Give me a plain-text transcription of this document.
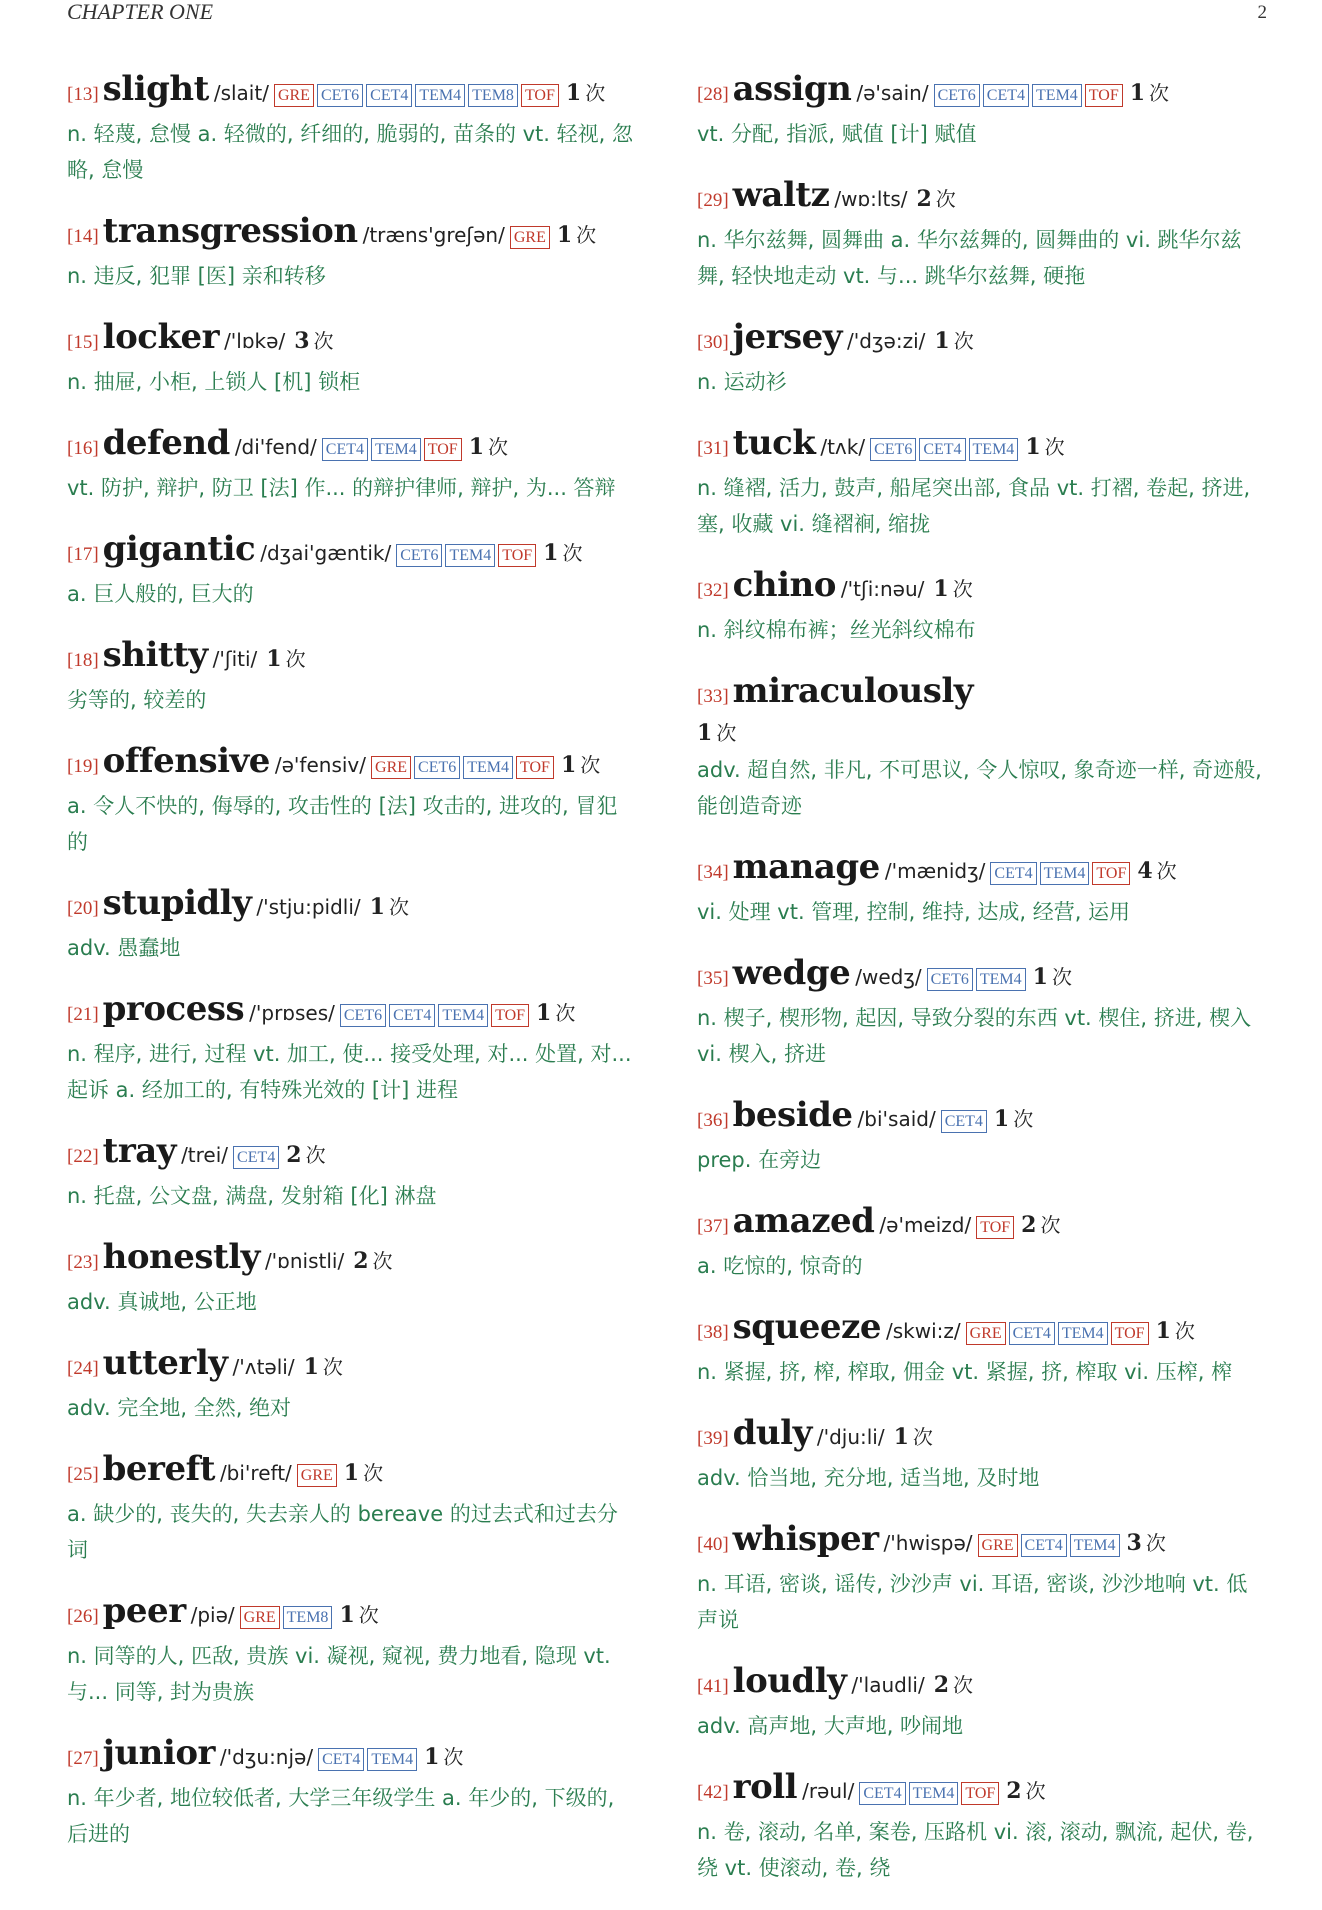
CHAPTER ONE	2
[13] slight /slait/ GRE CET6 CET4 TEM4 TEM8 TOF 1 次
n. 轻蔑, 怠慢 a. 轻微的, 纤细的, 脆弱的, 苗条的 vt. 轻视, 忽略, 怠慢
[14] transgression /træns'greʃən/ GRE 1 次
n. 违反, 犯罪 [医] 亲和转移
[15] locker /'lɒkə/ 3 次
n. 抽屉, 小柜, 上锁人 [机] 锁柜
[16] defend /di'fend/ CET4 TEM4 TOF 1 次
vt. 防护, 辩护, 防卫 [法] 作... 的辩护律师, 辩护, 为... 答辩
[17] gigantic /dʒai'gæntik/ CET6 TEM4 TOF 1 次
a. 巨人般的, 巨大的
[18] shitty /'ʃiti/ 1 次
劣等的, 较差的
[19] offensive /ə'fensiv/ GRE CET6 TEM4 TOF 1 次
a. 令人不快的, 侮辱的, 攻击性的 [法] 攻击的, 进攻的, 冒犯的
[20] stupidly /'stju:pidli/ 1 次
adv. 愚蠢地
[21] process /'prɒses/ CET6 CET4 TEM4 TOF 1 次
n. 程序, 进行, 过程 vt. 加工, 使... 接受处理, 对... 处置, 对... 起诉 a. 经加工的, 有特殊光效的 [计] 进程
[22] tray /trei/ CET4 2 次
n. 托盘, 公文盘, 满盘, 发射箱 [化] 淋盘
[23] honestly /'ɒnistli/ 2 次
adv. 真诚地, 公正地
[24] utterly /'ʌtəli/ 1 次
adv. 完全地, 全然, 绝对
[25] bereft /bi'reft/ GRE 1 次
a. 缺少的, 丧失的, 失去亲人的 bereave 的过去式和过去分词
[26] peer /piə/ GRE TEM8 1 次
n. 同等的人, 匹敌, 贵族 vi. 凝视, 窥视, 费力地看, 隐现 vt. 与... 同等, 封为贵族
[27] junior /'dʒu:njə/ CET4 TEM4 1 次
n. 年少者, 地位较低者, 大学三年级学生 a. 年少的, 下级的, 后进的
[28] assign /ə'sain/ CET6 CET4 TEM4 TOF 1 次
vt. 分配, 指派, 赋值 [计] 赋值
[29] waltz /wɒ:lts/ 2 次
n. 华尔兹舞, 圆舞曲 a. 华尔兹舞的, 圆舞曲的 vi. 跳华尔兹舞, 轻快地走动 vt. 与... 跳华尔兹舞, 硬拖
[30] jersey /'dʒə:zi/ 1 次
n. 运动衫
[31] tuck /tʌk/ CET6 CET4 TEM4 1 次
n. 缝褶, 活力, 鼓声, 船尾突出部, 食品 vt. 打褶, 卷起, 挤进, 塞, 收藏 vi. 缝褶裥, 缩拢
[32] chino /'tʃi:nəu/ 1 次
n. 斜纹棉布裤；丝光斜纹棉布
[33] miraculously
1 次
adv. 超自然, 非凡, 不可思议, 令人惊叹, 象奇迹一样, 奇迹般, 能创造奇迹
[34] manage /'mænidʒ/ CET4 TEM4 TOF 4 次
vi. 处理 vt. 管理, 控制, 维持, 达成, 经营, 运用
[35] wedge /wedʒ/ CET6 TEM4 1 次
n. 楔子, 楔形物, 起因, 导致分裂的东西 vt. 楔住, 挤进, 楔入 vi. 楔入, 挤进
[36] beside /bi'said/ CET4 1 次
prep. 在旁边
[37] amazed /ə'meizd/ TOF 2 次
a. 吃惊的, 惊奇的
[38] squeeze /skwi:z/ GRE CET4 TEM4 TOF 1 次
n. 紧握, 挤, 榨, 榨取, 佣金 vt. 紧握, 挤, 榨取 vi. 压榨, 榨
[39] duly /'dju:li/ 1 次
adv. 恰当地, 充分地, 适当地, 及时地
[40] whisper /'hwispə/ GRE CET4 TEM4 3 次
n. 耳语, 密谈, 谣传, 沙沙声 vi. 耳语, 密谈, 沙沙地响 vt. 低声说
[41] loudly /'laudli/ 2 次
adv. 高声地, 大声地, 吵闹地
[42] roll /rəul/ CET4 TEM4 TOF 2 次
n. 卷, 滚动, 名单, 案卷, 压路机 vi. 滚, 滚动, 飘流, 起伏, 卷, 绕 vt. 使滚动, 卷, 绕
